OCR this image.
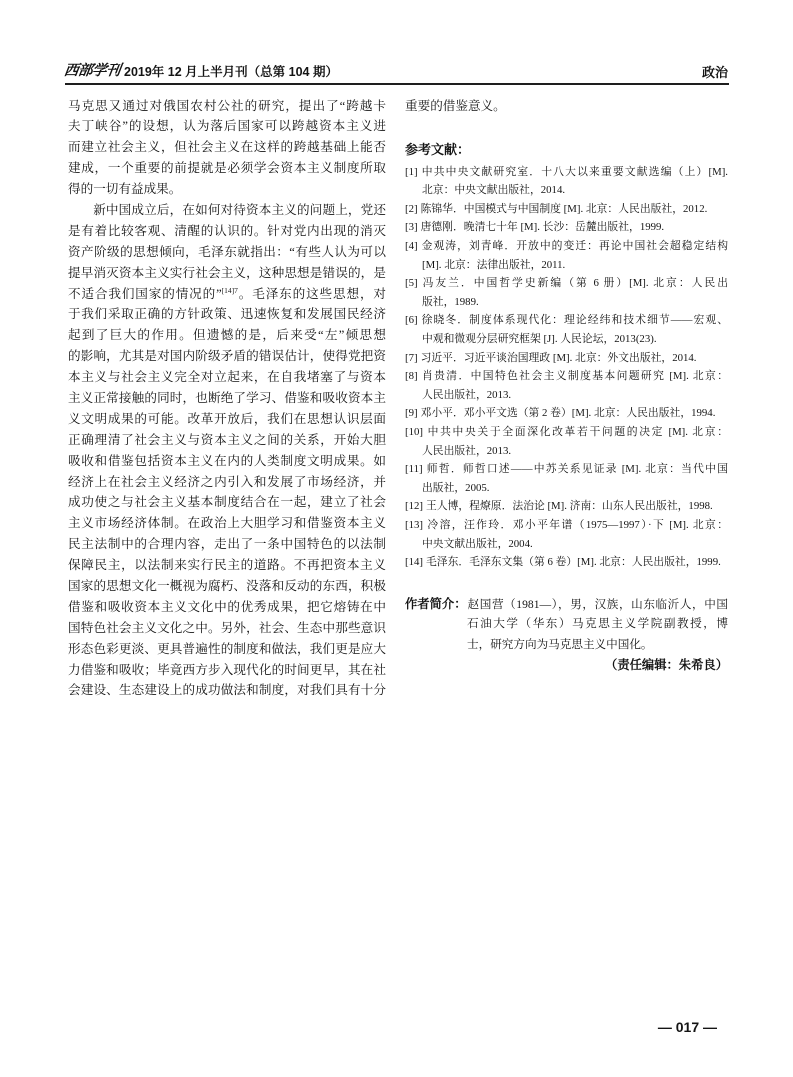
西部学刊 2019年 12 月上半月刊（总第 104 期）	政治
马克思又通过对俄国农村公社的研究，提出了“跨越卡
夫丁峡谷”的设想，认为落后国家可以跨越资本主义进
而建立社会主义，但社会主义在这样的跨越基础上能否
建成，一个重要的前提就是必须学会资本主义制度所取
得的一切有益成果。
新中国成立后，在如何对待资本主义的问题上，党还
是有着比较客观、清醒的认识的。针对党内出现的消灭
资产阶级的思想倾向，毛泽东就指出：“有些人认为可以
提早消灭资本主义实行社会主义，这种思想是错误的，是
不适合我们国家的情况的”$^{[14]7}$。毛泽东的这些思想，对
于我们采取正确的方针政策、迅速恢复和发展国民经济
起到了巨大的作用。但遗憾的是，后来受“左”倾思想
的影响，尤其是对国内阶级矛盾的错误估计，使得党把资
本主义与社会主义完全对立起来，在自我堵塞了与资本
主义正常接触的同时，也断绝了学习、借鉴和吸收资本主
义文明成果的可能。改革开放后，我们在思想认识层面
正确理清了社会主义与资本主义之间的关系，开始大胆
吸收和借鉴包括资本主义在内的人类制度文明成果。如
经济上在社会主义经济之内引入和发展了市场经济，并
成功使之与社会主义基本制度结合在一起，建立了社会
主义市场经济体制。在政治上大胆学习和借鉴资本主义
民主法制中的合理内容，走出了一条中国特色的以法制
保障民主，以法制来实行民主的道路。不再把资本主义
国家的思想文化一概视为腐朽、没落和反动的东西，积极
借鉴和吸收资本主义文化中的优秀成果，把它熔铸在中
国特色社会主义文化之中。另外，社会、生态中那些意识
形态色彩更淡、更具普遍性的制度和做法，我们更是应大
力借鉴和吸收；毕竟西方步入现代化的时间更早，其在社
会建设、生态建设上的成功做法和制度，对我们具有十分
重要的借鉴意义。
参考文献：
[1] 中共中央文献研究室．十八大以来重要文献选编（上）[M].
北京：中央文献出版社，2014.
[2] 陈锦华．中国模式与中国制度 [M]. 北京：人民出版社，2012.
[3] 唐德刚．晚清七十年 [M]. 长沙：岳麓出版社，1999.
[4] 金观涛，刘青峰．开放中的变迁：再论中国社会超稳定结构
[M]. 北京：法律出版社，2011.
[5] 冯友兰．中国哲学史新编（第 6 册）[M]. 北京：人民出
版社，1989.
[6] 徐晓冬．制度体系现代化：理论经纬和技术细节——宏观、
中观和微观分层研究框架 [J]. 人民论坛，2013(23).
[7] 习近平．习近平谈治国理政 [M]. 北京：外文出版社，2014.
[8] 肖贵清．中国特色社会主义制度基本问题研究 [M]. 北京：
人民出版社，2013.
[9] 邓小平．邓小平文选（第 2 卷）[M]. 北京：人民出版社，1994.
[10] 中共中央关于全面深化改革若干问题的决定 [M]. 北京：
人民出版社，2013.
[11] 师哲．师哲口述——中苏关系见证录 [M]. 北京：当代中国
出版社，2005.
[12] 王人博，程燎原．法治论 [M]. 济南：山东人民出版社，1998.
[13] 冷溶，汪作玲．邓小平年谱（1975—1997）·下 [M]. 北京：
中央文献出版社，2004.
[14] 毛泽东．毛泽东文集（第 6 卷）[M]. 北京：人民出版社，1999.
作者简介：赵国营（1981—），男，汉族，山东临沂人，中国
石油大学（华东）马克思主义学院副教授，博
士，研究方向为马克思主义中国化。
（责任编辑：朱希良）
— 017 —
